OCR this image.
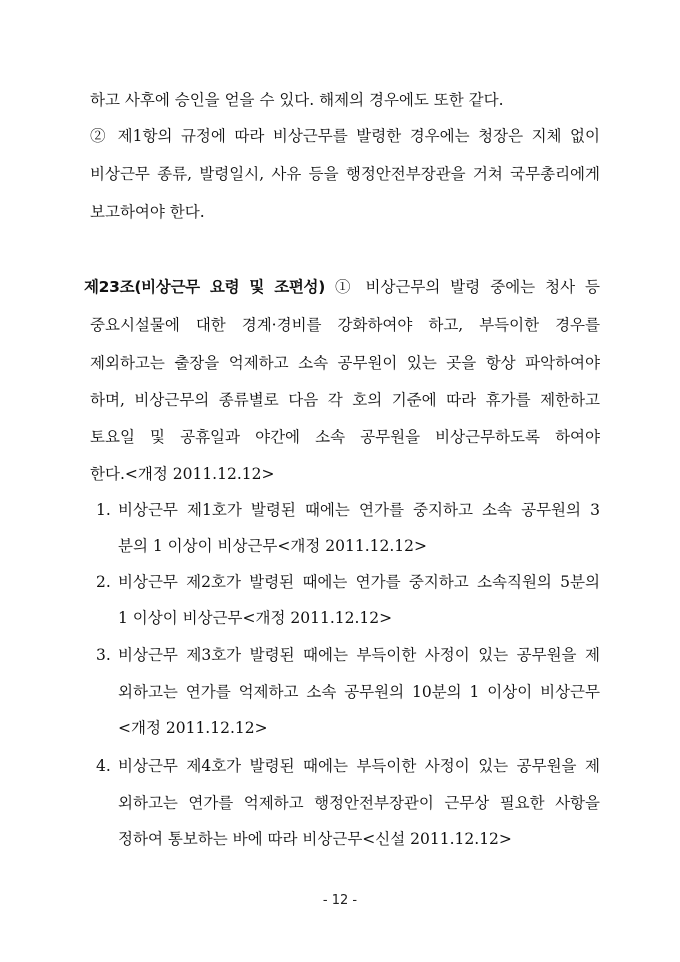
하고 사후에 승인을 얻을 수 있다. 해제의 경우에도 또한 같다.
② 제1항의 규정에 따라 비상근무를 발령한 경우에는 청장은 지체 없이
비상근무 종류, 발령일시, 사유 등을 행정안전부장관을 거쳐 국무총리에게
보고하여야 한다.
제23조(비상근무 요령 및 조편성) ① 비상근무의 발령 중에는 청사 등
중요시설물에 대한 경계·경비를 강화하여야 하고, 부득이한 경우를
제외하고는 출장을 억제하고 소속 공무원이 있는 곳을 항상 파악하여야
하며, 비상근무의 종류별로 다음 각 호의 기준에 따라 휴가를 제한하고
토요일 및 공휴일과 야간에 소속 공무원을 비상근무하도록 하여야
한다.<개정 2011.12.12>
1. 비상근무 제1호가 발령된 때에는 연가를 중지하고 소속 공무원의 3
분의 1 이상이 비상근무<개정 2011.12.12>
2. 비상근무 제2호가 발령된 때에는 연가를 중지하고 소속직원의 5분의
1 이상이 비상근무<개정 2011.12.12>
3. 비상근무 제3호가 발령된 때에는 부득이한 사정이 있는 공무원을 제
외하고는 연가를 억제하고 소속 공무원의 10분의 1 이상이 비상근무
<개정 2011.12.12>
4. 비상근무 제4호가 발령된 때에는 부득이한 사정이 있는 공무원을 제
외하고는 연가를 억제하고 행정안전부장관이 근무상 필요한 사항을
정하여 통보하는 바에 따라 비상근무<신설 2011.12.12>
- 12 -
